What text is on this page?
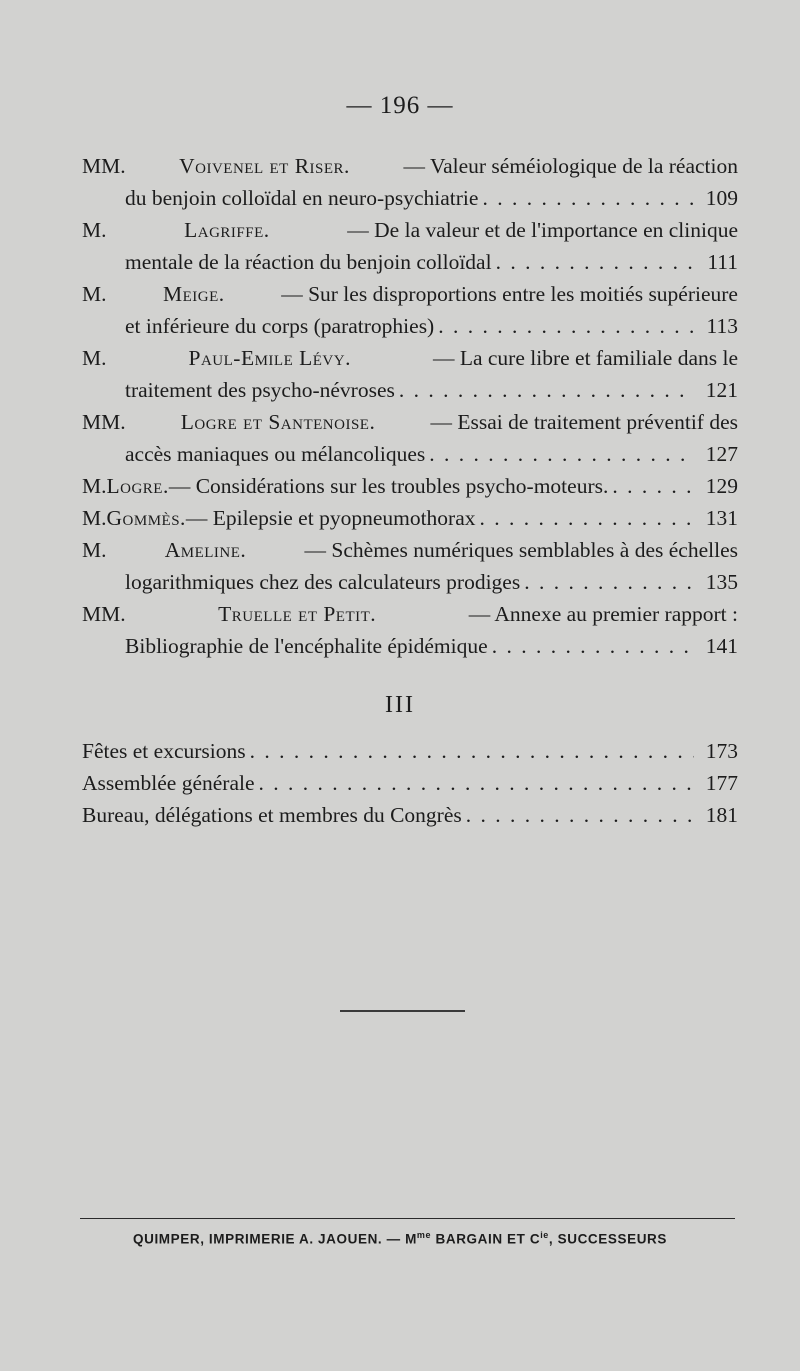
— 196 —
MM. Voivenel et Riser. — Valeur séméiologique de la réaction
du benjoin colloïdal en neuro-psychiatrie . . .	109
M.	Lagriffe.	— De la valeur et de l'importance en clinique
mentale de la réaction du benjoin colloïdal . . .	111
M.	Meige.	— Sur les disproportions entre les moitiés supérieure
et inférieure du corps (paratrophies) . . .	113
M.	Paul-Emile Lévy.	— La cure libre et familiale dans le
traitement des psycho-névroses . . .	121
MM.	Logre et Santenoise.	— Essai de traitement préventif des
accès maniaques ou mélancoliques . . .	127
M. Logre. — Considérations sur les troubles psycho-moteurs. . . .	129
M. Gommès. — Epilepsie et pyopneumothorax . . .	131
M.	Ameline.	— Schèmes numériques semblables à des échelles
logarithmiques chez des calculateurs prodiges . . .	135
MM.	Truelle et Petit.	— Annexe au premier rapport :
Bibliographie de l'encéphalite épidémique . . .	141
III
Fêtes et excursions . . .	173
Assemblée générale . . .	177
Bureau, délégations et membres du Congrès . . .	181
QUIMPER, IMPRIMERIE A. JAOUEN. — $M^{me}$ BARGAIN ET $C^{ie}$, SUCCESSEURS
